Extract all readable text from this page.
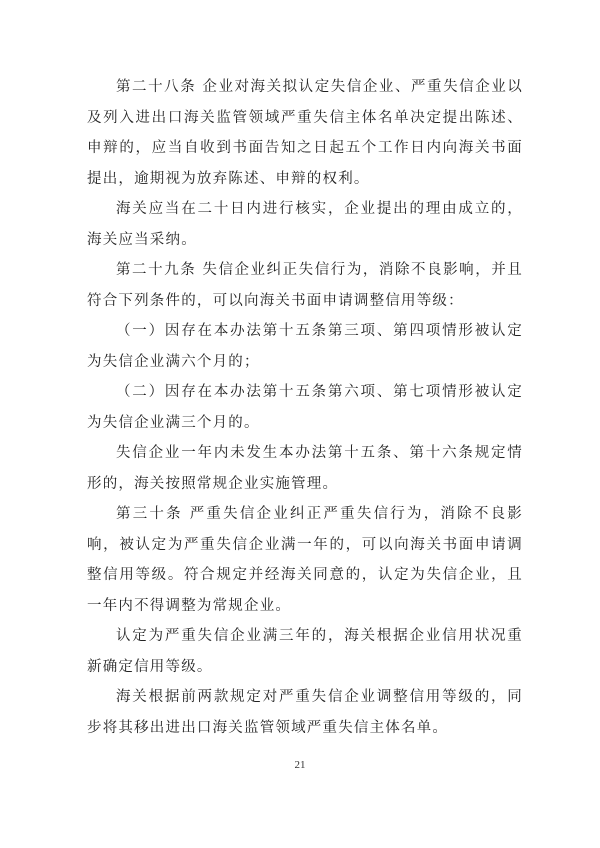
第二十八条 企业对海关拟认定失信企业、严重失信企业以及列入进出口海关监管领域严重失信主体名单决定提出陈述、申辩的，应当自收到书面告知之日起五个工作日内向海关书面提出，逾期视为放弃陈述、申辩的权利。

海关应当在二十日内进行核实，企业提出的理由成立的，海关应当采纳。

第二十九条 失信企业纠正失信行为，消除不良影响，并且符合下列条件的，可以向海关书面申请调整信用等级：

（一）因存在本办法第十五条第三项、第四项情形被认定为失信企业满六个月的；

（二）因存在本办法第十五条第六项、第七项情形被认定为失信企业满三个月的。

失信企业一年内未发生本办法第十五条、第十六条规定情形的，海关按照常规企业实施管理。

第三十条 严重失信企业纠正严重失信行为，消除不良影响，被认定为严重失信企业满一年的，可以向海关书面申请调整信用等级。符合规定并经海关同意的，认定为失信企业，且一年内不得调整为常规企业。

认定为严重失信企业满三年的，海关根据企业信用状况重新确定信用等级。

海关根据前两款规定对严重失信企业调整信用等级的，同步将其移出进出口海关监管领域严重失信主体名单。

21
